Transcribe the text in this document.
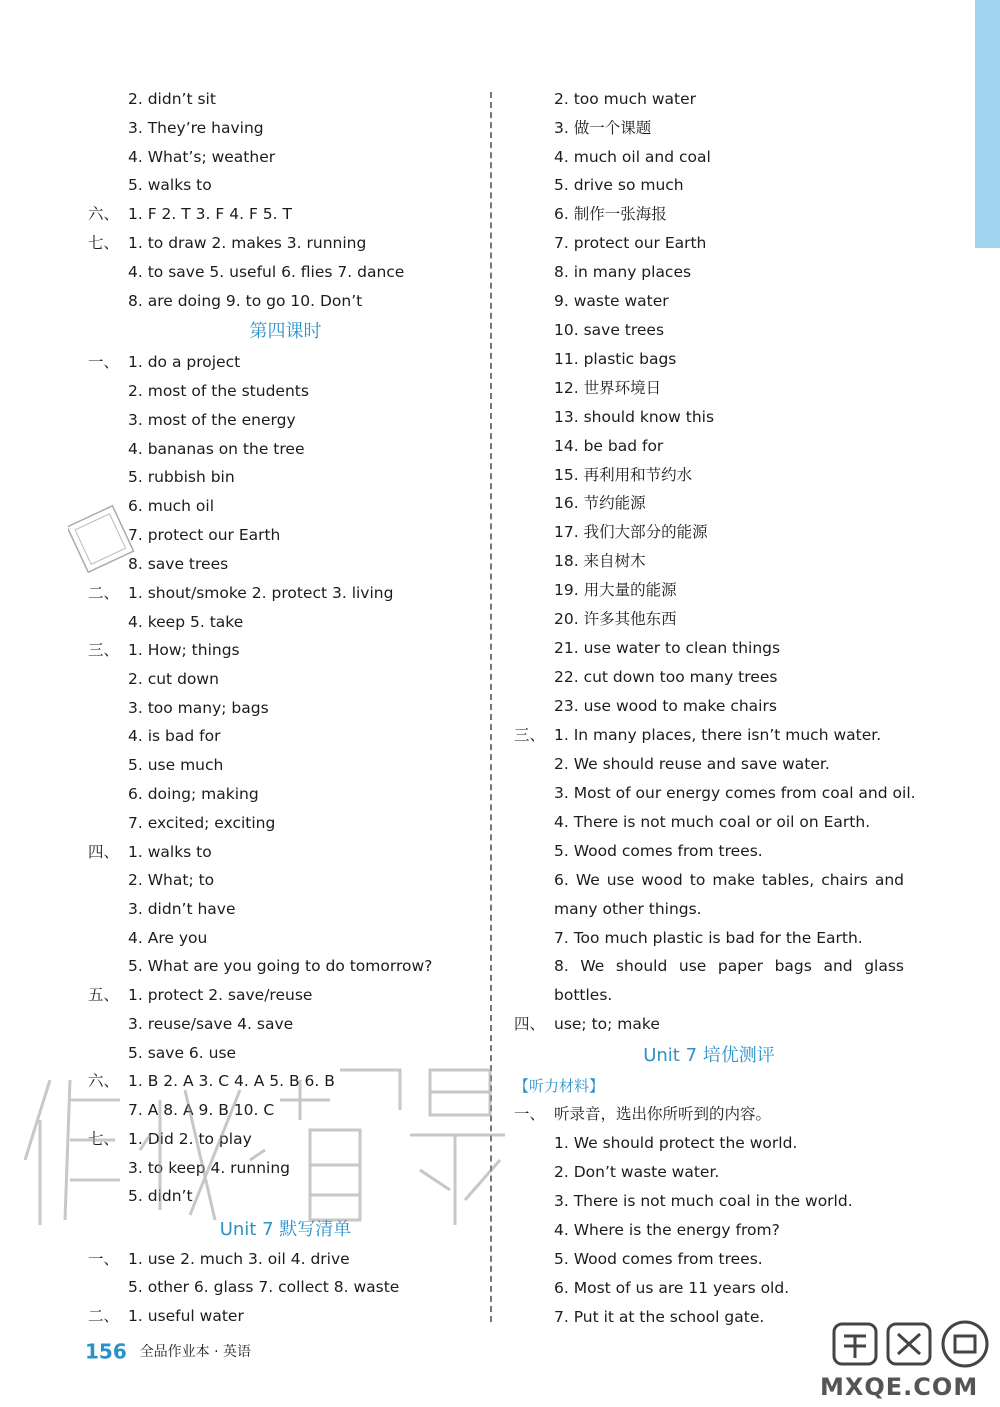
2. didn’t sit
3. They’re having
4. What’s; weather
5. walks to
六、 1. F 2. T 3. F 4. F 5. T
七、 1. to draw 2. makes 3. running
4. to save 5. useful 6. flies 7. dance
8. are doing 9. to go 10. Don’t
第四课时
一、 1. do a project
2. most of the students
3. most of the energy
4. bananas on the tree
5. rubbish bin
6. much oil
7. protect our Earth
8. save trees
二、 1. shout/smoke 2. protect 3. living
4. keep 5. take
三、 1. How; things
2. cut down
3. too many; bags
4. is bad for
5. use much
6. doing; making
7. excited; exciting
四、 1. walks to
2. What; to
3. didn’t have
4. Are you
5. What are you going to do tomorrow?
五、 1. protect 2. save/reuse
3. reuse/save 4. save
5. save 6. use
六、 1. B 2. A 3. C 4. A 5. B 6. B
7. A 8. A 9. B 10. C
七、 1. Did 2. to play
3. to keep 4. running
5. didn’t
Unit 7 默写清单
一、 1. use 2. much 3. oil 4. drive
5. other 6. glass 7. collect 8. waste
二、 1. useful water
2. too much water
3. 做一个课题
4. much oil and coal
5. drive so much
6. 制作一张海报
7. protect our Earth
8. in many places
9. waste water
10. save trees
11. plastic bags
12. 世界环境日
13. should know this
14. be bad for
15. 再利用和节约水
16. 节约能源
17. 我们大部分的能源
18. 来自树木
19. 用大量的能源
20. 许多其他东西
21. use water to clean things
22. cut down too many trees
23. use wood to make chairs
三、 1. In many places, there isn’t much water.
2. We should reuse and save water.
3. Most of our energy comes from coal and oil.
4. There is not much coal or oil on Earth.
5. Wood comes from trees.
6. We use wood to make tables, chairs and
many other things.
7. Too much plastic is bad for the Earth.
8. We should use paper bags and glass
bottles.
四、 use; to; make
Unit 7 培优测评
【听力材料】
一、 听录音，选出你所听到的内容。
1. We should protect the world.
2. Don’t waste water.
3. There is not much coal in the world.
4. Where is the energy from?
5. Wood comes from trees.
6. Most of us are 11 years old.
7. Put it at the school gate.
156 全品作业本 · 英语
MXQE.COM
